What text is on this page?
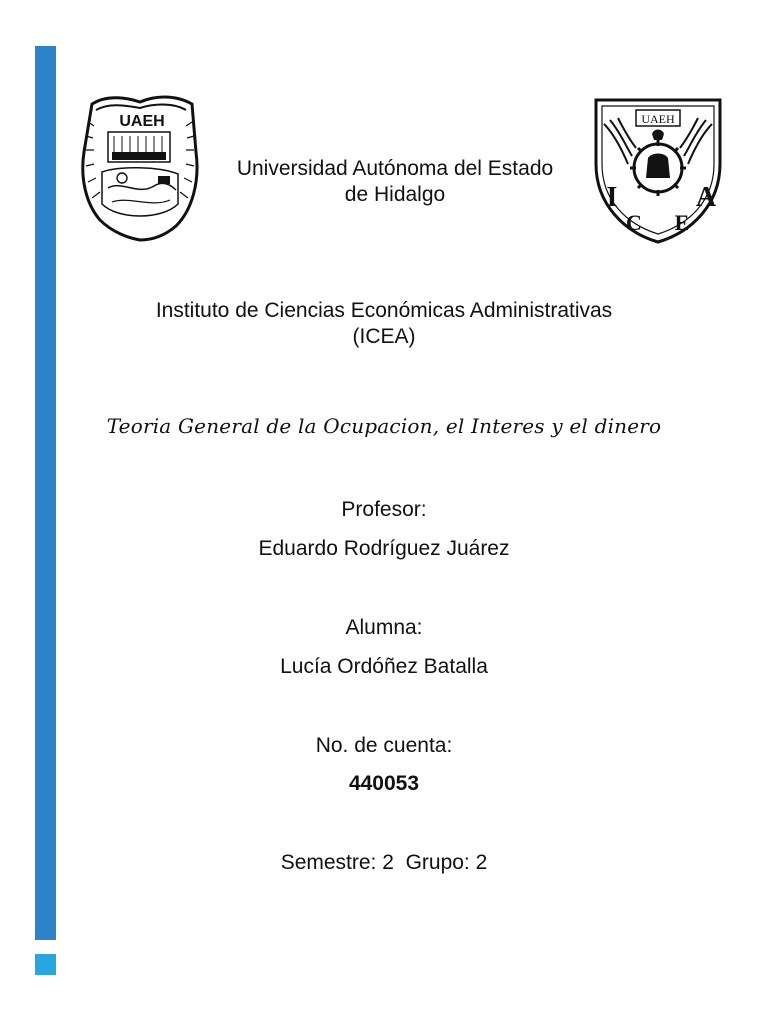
UAEH	UAEH
I
C E
A
Universidad Autónoma del Estado
de Hidalgo
Instituto de Ciencias Económicas Administrativas
(ICEA)
Teoria General de la Ocupacion, el Interes y el dinero
Profesor:
Eduardo Rodríguez Juárez
Alumna:
Lucía Ordóñez Batalla
No. de cuenta:
440053
Semestre: 2  Grupo: 2
